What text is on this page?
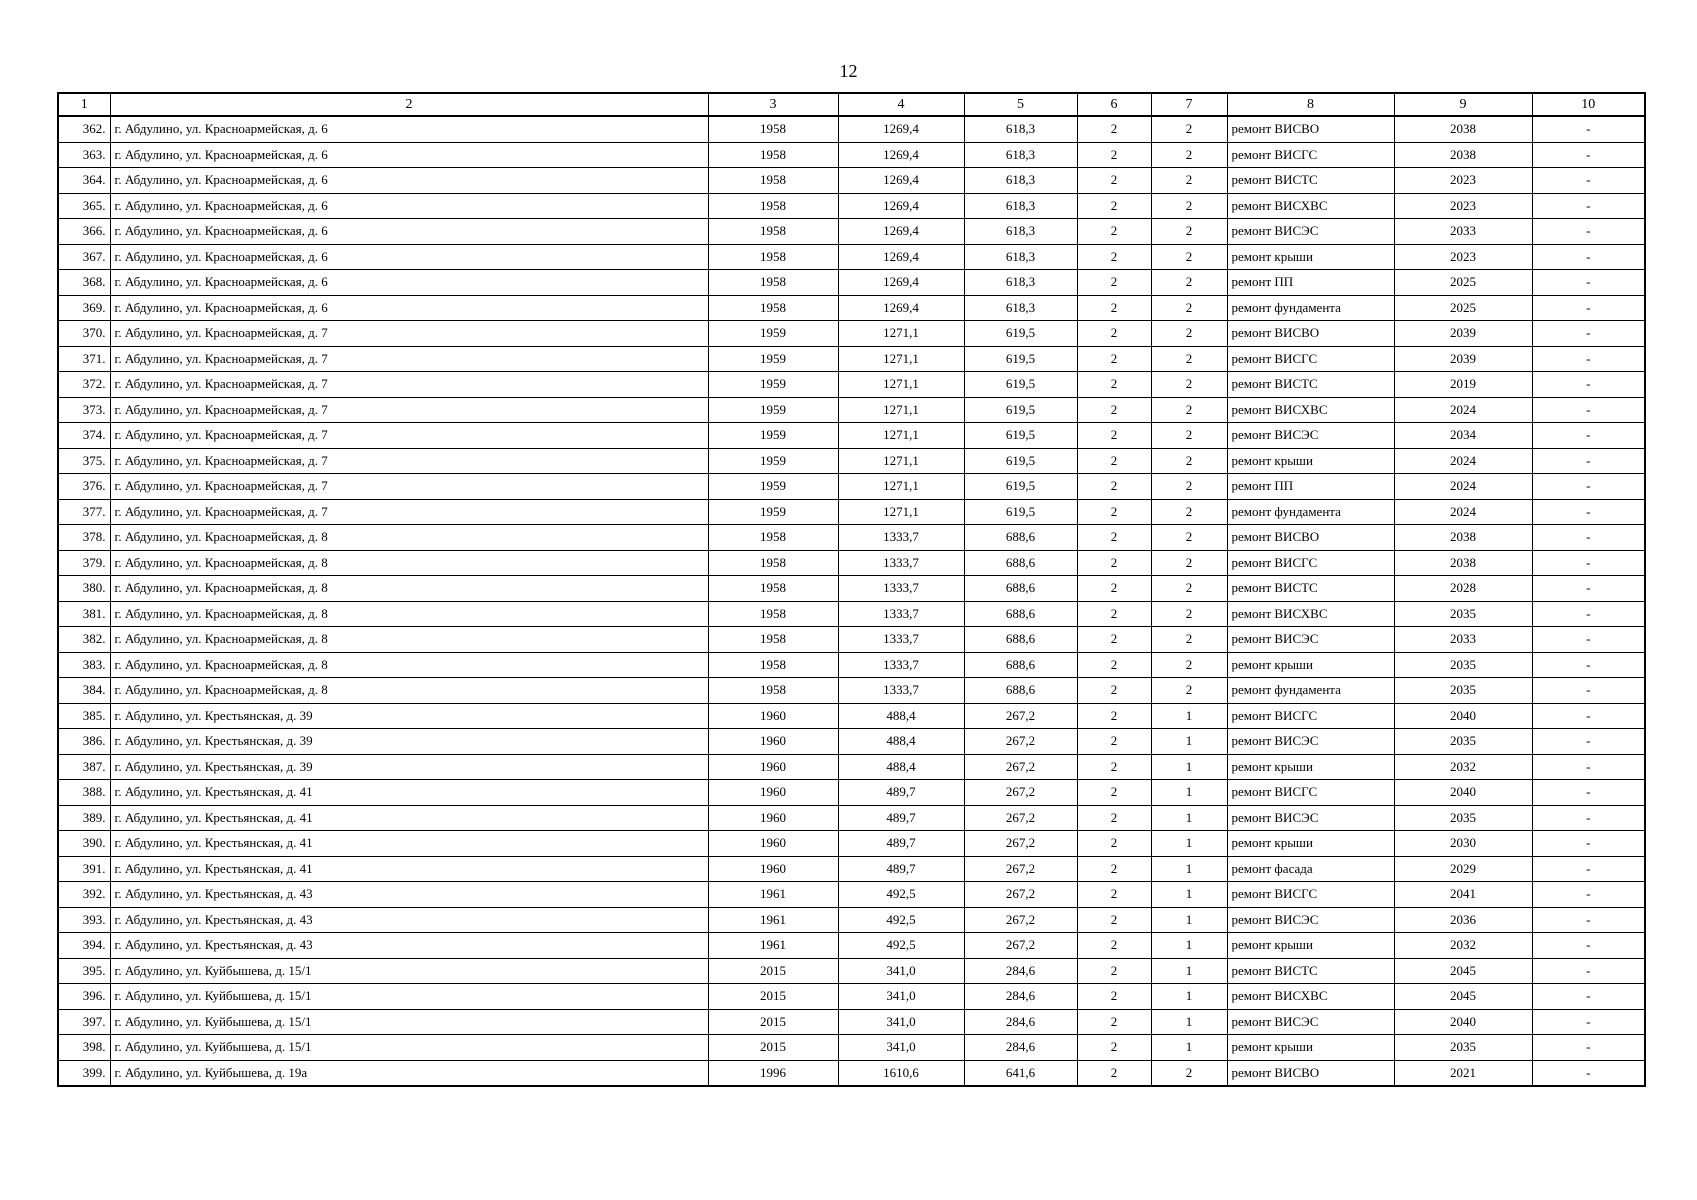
12
1	2	3	4	5	6	7	8	9	10
362.	г. Абдулино, ул. Красноармейская, д. 6	1958	1269,4	618,3	2	2	ремонт ВИСВО	2038	-
363.	г. Абдулино, ул. Красноармейская, д. 6	1958	1269,4	618,3	2	2	ремонт ВИСГС	2038	-
364.	г. Абдулино, ул. Красноармейская, д. 6	1958	1269,4	618,3	2	2	ремонт ВИСТС	2023	-
365.	г. Абдулино, ул. Красноармейская, д. 6	1958	1269,4	618,3	2	2	ремонт ВИСХВС	2023	-
366.	г. Абдулино, ул. Красноармейская, д. 6	1958	1269,4	618,3	2	2	ремонт ВИСЭС	2033	-
367.	г. Абдулино, ул. Красноармейская, д. 6	1958	1269,4	618,3	2	2	ремонт крыши	2023	-
368.	г. Абдулино, ул. Красноармейская, д. 6	1958	1269,4	618,3	2	2	ремонт ПП	2025	-
369.	г. Абдулино, ул. Красноармейская, д. 6	1958	1269,4	618,3	2	2	ремонт фундамента	2025	-
370.	г. Абдулино, ул. Красноармейская, д. 7	1959	1271,1	619,5	2	2	ремонт ВИСВО	2039	-
371.	г. Абдулино, ул. Красноармейская, д. 7	1959	1271,1	619,5	2	2	ремонт ВИСГС	2039	-
372.	г. Абдулино, ул. Красноармейская, д. 7	1959	1271,1	619,5	2	2	ремонт ВИСТС	2019	-
373.	г. Абдулино, ул. Красноармейская, д. 7	1959	1271,1	619,5	2	2	ремонт ВИСХВС	2024	-
374.	г. Абдулино, ул. Красноармейская, д. 7	1959	1271,1	619,5	2	2	ремонт ВИСЭС	2034	-
375.	г. Абдулино, ул. Красноармейская, д. 7	1959	1271,1	619,5	2	2	ремонт крыши	2024	-
376.	г. Абдулино, ул. Красноармейская, д. 7	1959	1271,1	619,5	2	2	ремонт ПП	2024	-
377.	г. Абдулино, ул. Красноармейская, д. 7	1959	1271,1	619,5	2	2	ремонт фундамента	2024	-
378.	г. Абдулино, ул. Красноармейская, д. 8	1958	1333,7	688,6	2	2	ремонт ВИСВО	2038	-
379.	г. Абдулино, ул. Красноармейская, д. 8	1958	1333,7	688,6	2	2	ремонт ВИСГС	2038	-
380.	г. Абдулино, ул. Красноармейская, д. 8	1958	1333,7	688,6	2	2	ремонт ВИСТС	2028	-
381.	г. Абдулино, ул. Красноармейская, д. 8	1958	1333,7	688,6	2	2	ремонт ВИСХВС	2035	-
382.	г. Абдулино, ул. Красноармейская, д. 8	1958	1333,7	688,6	2	2	ремонт ВИСЭС	2033	-
383.	г. Абдулино, ул. Красноармейская, д. 8	1958	1333,7	688,6	2	2	ремонт крыши	2035	-
384.	г. Абдулино, ул. Красноармейская, д. 8	1958	1333,7	688,6	2	2	ремонт фундамента	2035	-
385.	г. Абдулино, ул. Крестьянская, д. 39	1960	488,4	267,2	2	1	ремонт ВИСГС	2040	-
386.	г. Абдулино, ул. Крестьянская, д. 39	1960	488,4	267,2	2	1	ремонт ВИСЭС	2035	-
387.	г. Абдулино, ул. Крестьянская, д. 39	1960	488,4	267,2	2	1	ремонт крыши	2032	-
388.	г. Абдулино, ул. Крестьянская, д. 41	1960	489,7	267,2	2	1	ремонт ВИСГС	2040	-
389.	г. Абдулино, ул. Крестьянская, д. 41	1960	489,7	267,2	2	1	ремонт ВИСЭС	2035	-
390.	г. Абдулино, ул. Крестьянская, д. 41	1960	489,7	267,2	2	1	ремонт крыши	2030	-
391.	г. Абдулино, ул. Крестьянская, д. 41	1960	489,7	267,2	2	1	ремонт фасада	2029	-
392.	г. Абдулино, ул. Крестьянская, д. 43	1961	492,5	267,2	2	1	ремонт ВИСГС	2041	-
393.	г. Абдулино, ул. Крестьянская, д. 43	1961	492,5	267,2	2	1	ремонт ВИСЭС	2036	-
394.	г. Абдулино, ул. Крестьянская, д. 43	1961	492,5	267,2	2	1	ремонт крыши	2032	-
395.	г. Абдулино, ул. Куйбышева, д. 15/1	2015	341,0	284,6	2	1	ремонт ВИСТС	2045	-
396.	г. Абдулино, ул. Куйбышева, д. 15/1	2015	341,0	284,6	2	1	ремонт ВИСХВС	2045	-
397.	г. Абдулино, ул. Куйбышева, д. 15/1	2015	341,0	284,6	2	1	ремонт ВИСЭС	2040	-
398.	г. Абдулино, ул. Куйбышева, д. 15/1	2015	341,0	284,6	2	1	ремонт крыши	2035	-
399.	г. Абдулино, ул. Куйбышева, д. 19а	1996	1610,6	641,6	2	2	ремонт ВИСВО	2021	-
